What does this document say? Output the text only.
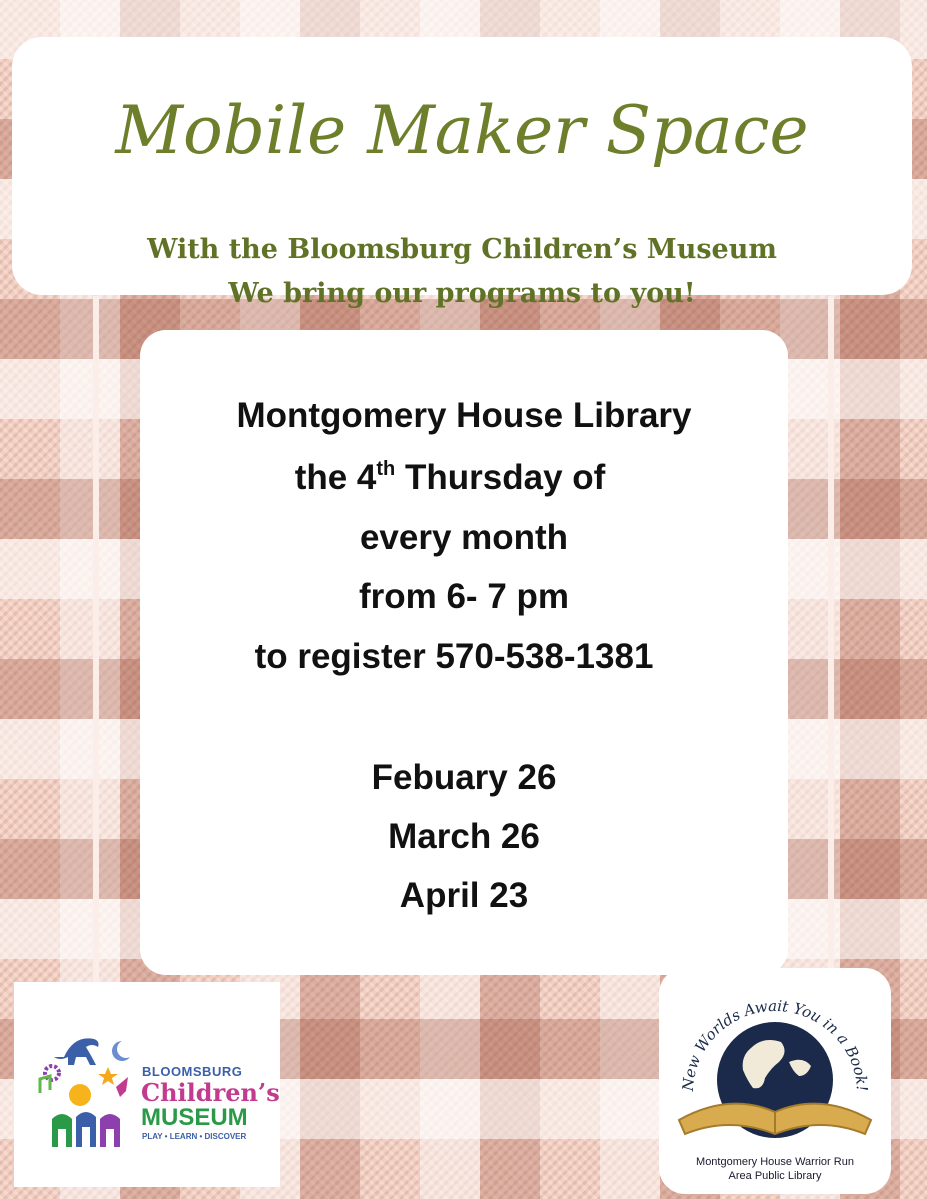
Mobile Maker Space
With the Bloomsburg Children’s Museum
We bring our programs to you!
Montgomery House Library
the 4th Thursday of
every month
from 6- 7 pm
to register 570-538-1381
Febuary 26
March 26
April 23
BLOOMSBURG
Children’s
MUSEUM
PLAY • LEARN • DISCOVER
New Worlds Await You in a Book!
Montgomery House Warrior Run
Area Public Library
